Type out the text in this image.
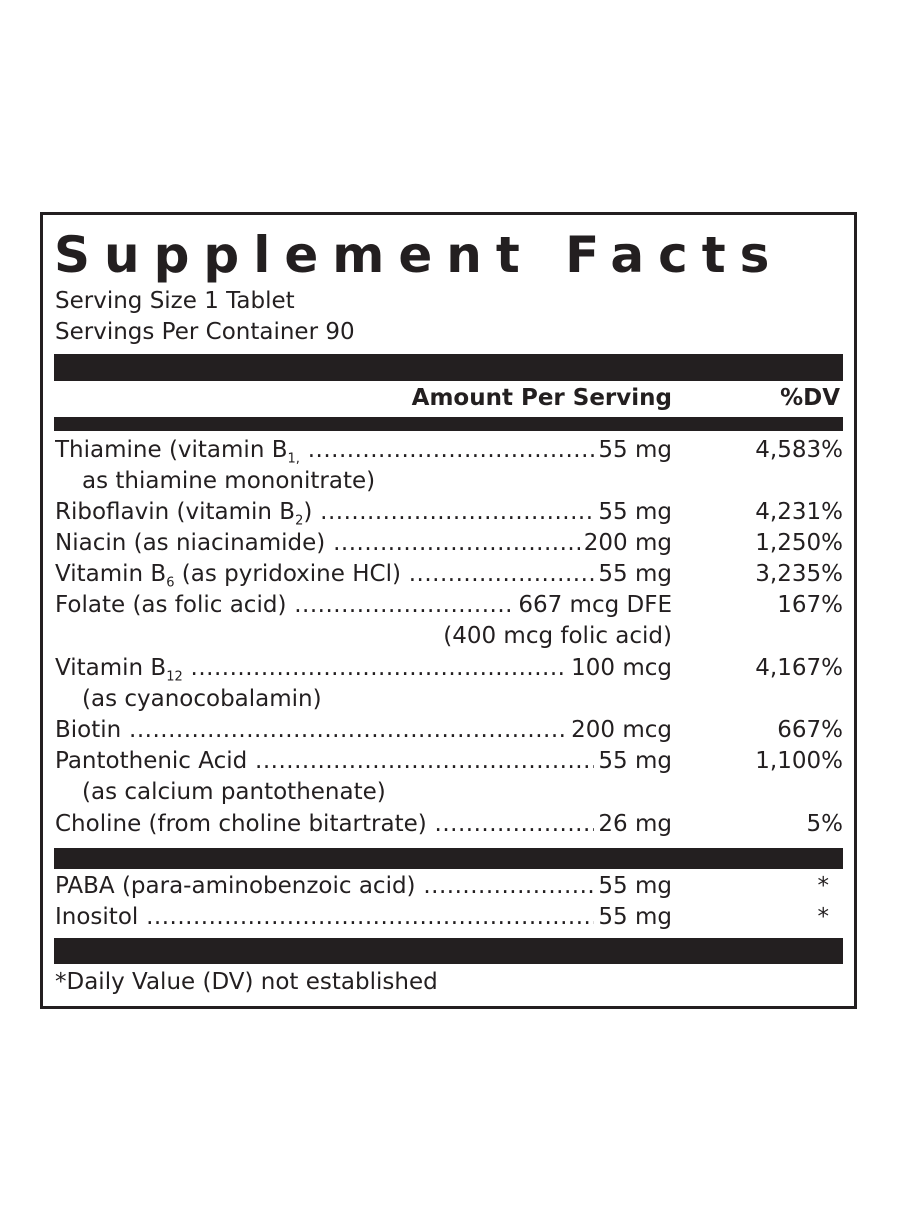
Supplement Facts
Serving Size 1 Tablet
Servings Per Container 90
Amount Per Serving	%DV
Thiamine (vitamin $B_{1,}$ .....	55 mg	4,583%
as thiamine mononitrate)
Riboflavin (vitamin $B_2$) .....	55 mg	4,231%
Niacin (as niacinamide) .....	200 mg	1,250%
Vitamin $B_6$ (as pyridoxine HCl) .....	55 mg	3,235%
Folate (as folic acid) .....	667 mcg DFE	167%
(400 mcg folic acid)
Vitamin $B_{12}$ .....	100 mcg	4,167%
(as cyanocobalamin)
Biotin .....	200 mcg	667%
Pantothenic Acid .....	55 mg	1,100%
(as calcium pantothenate)
Choline (from choline bitartrate) .....	26 mg	5%
PABA (para-aminobenzoic acid) .....	55 mg	*
Inositol .....	55 mg	*
*Daily Value (DV) not established
